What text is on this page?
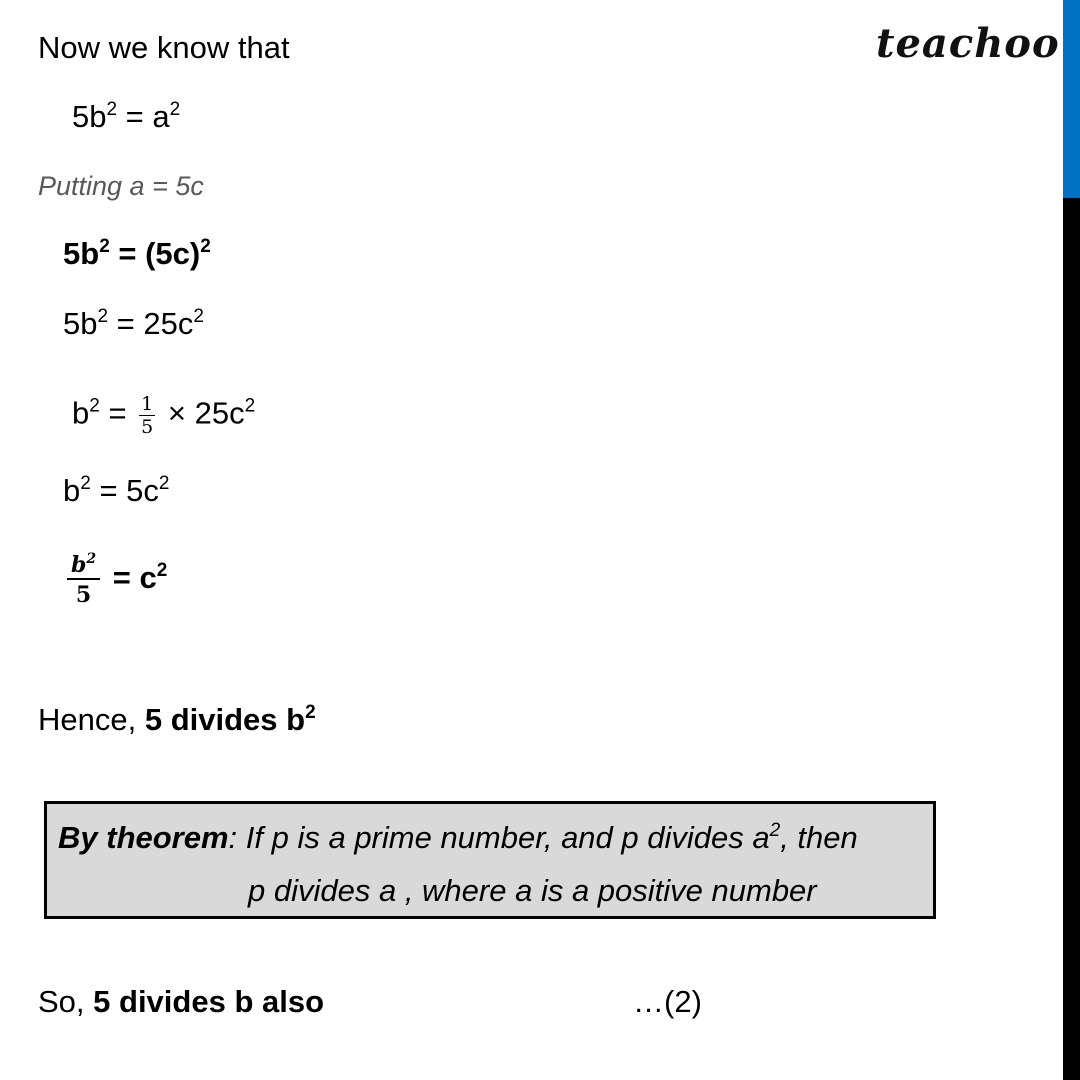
teachoo
Now we know that
$5b^2 = a^2$
Putting a = 5c
$5b^2 = (5c)^2$
$5b^2 = 25c^2$
$b^2 = \frac{1}{5} \times 25c^2$
$b^2 = 5c^2$
$\frac{b^2}{5} = c^2$
Hence, 5 divides $b^2$
By theorem: If p is a prime number, and p divides $a^2$, then
p divides a , where a is a positive number
So, 5 divides b also	…(2)
